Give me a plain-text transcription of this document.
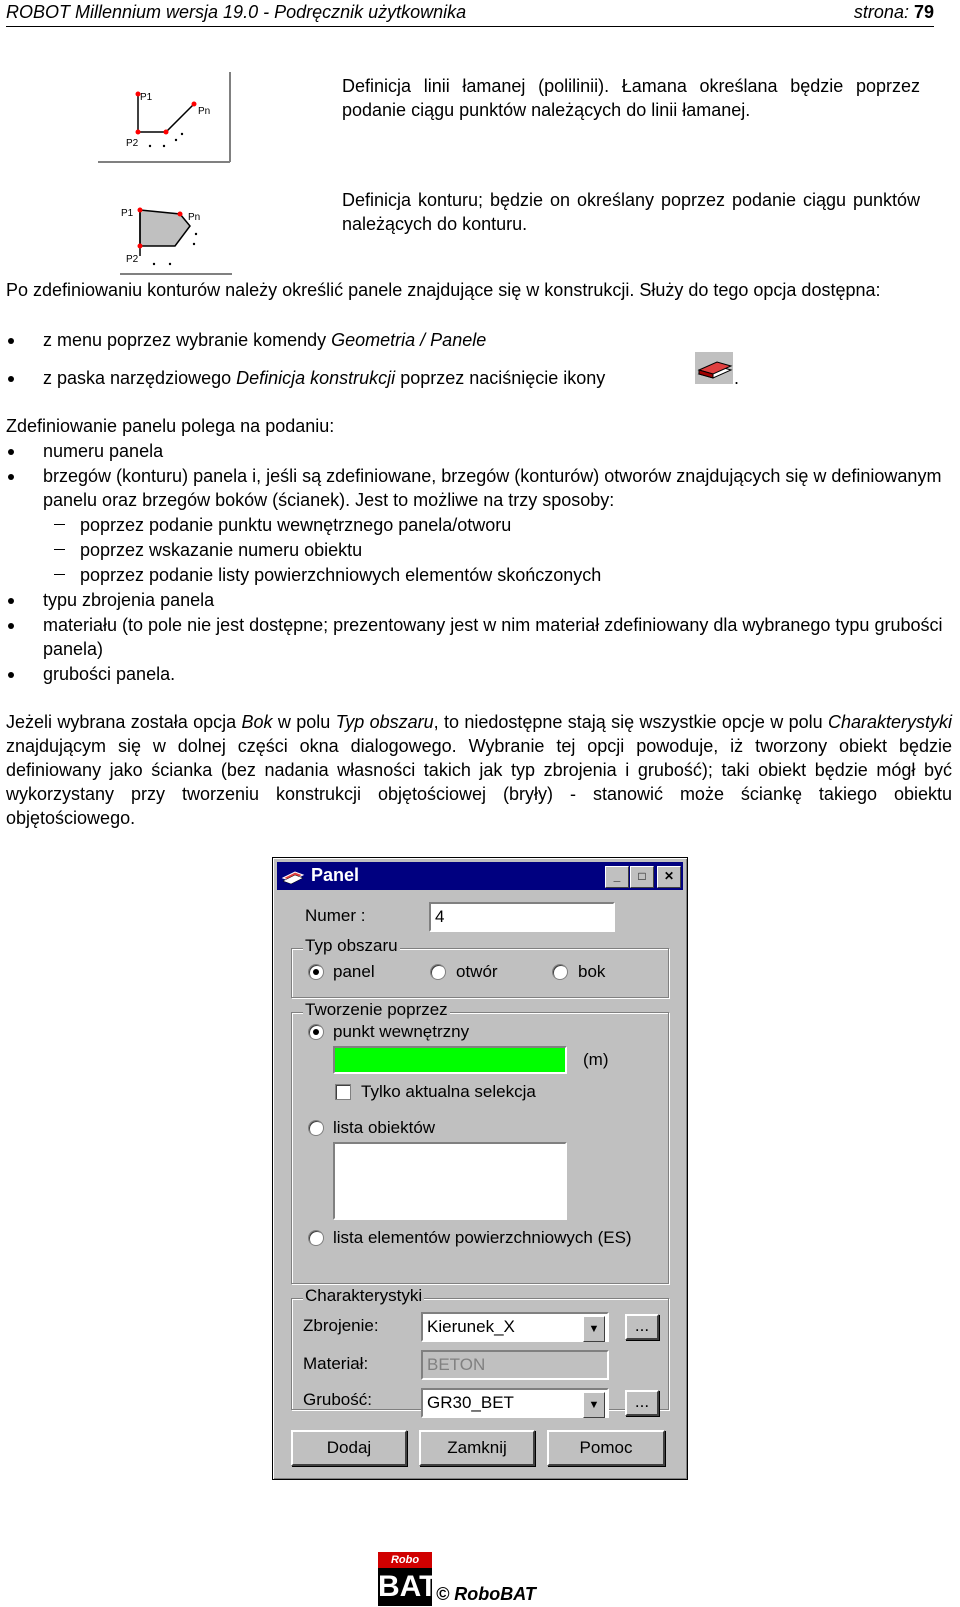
ROBOT Millennium wersja 19.0 - Podręcznik użytkownika	strona: 79
P1
Pn
P2
P1	Pn
P2
Definicja linii łamanej (polilinii). Łamana określana będzie poprzez podanie ciągu punktów należących do linii łamanej.
Definicja konturu; będzie on określany poprzez podanie ciągu punktów należących do konturu.
Po zdefiniowaniu konturów należy określić panele znajdujące się w konstrukcji. Służy do tego opcja dostępna:
z menu poprzez wybranie komendy Geometria / Panele
z paska narzędziowego Definicja konstrukcji poprzez naciśnięcie ikony	.
Zdefiniowanie panelu polega na podaniu:
numeru panela
brzegów (konturu) panela i, jeśli są zdefiniowane, brzegów (konturów) otworów znajdujących się w definiowanym panelu oraz brzegów boków (ścianek). Jest to możliwe na trzy sposoby:
poprzez podanie punktu wewnętrznego panela/otworu
poprzez wskazanie numeru obiektu
poprzez podanie listy powierzchniowych elementów skończonych
typu zbrojenia panela
materiału (to pole nie jest dostępne; prezentowany jest w nim materiał zdefiniowany dla wybranego typu grubości panela)
grubości panela.
Jeżeli wybrana została opcja Bok w polu Typ obszaru, to niedostępne stają się wszystkie opcje w polu Charakterystyki znajdującym się w dolnej części okna dialogowego. Wybranie tej opcji powoduje, iż tworzony obiekt będzie definiowany jako ścianka (bez nadania własności takich jak typ zbrojenia i grubość); taki obiekt będzie mógł być wykorzystany przy tworzeniu konstrukcji objętościowej (bryły) - stanowić może ściankę takiego obiektu objętościowego.
Panel	_	□	✕
Numer :	4
Typ obszaru
panel	otwór	bok
Tworzenie poprzez
punkt wewnętrzny
(m)
Tylko aktualna selekcja
lista obiektów
lista elementów powierzchniowych (ES)
Charakterystyki
Zbrojenie:	Kierunek_X	▼	...
Materiał:	BETON
Grubość:	GR30_BET	▼	...
Dodaj	Zamknij	Pomoc
Robo
BAT
© RoboBAT
